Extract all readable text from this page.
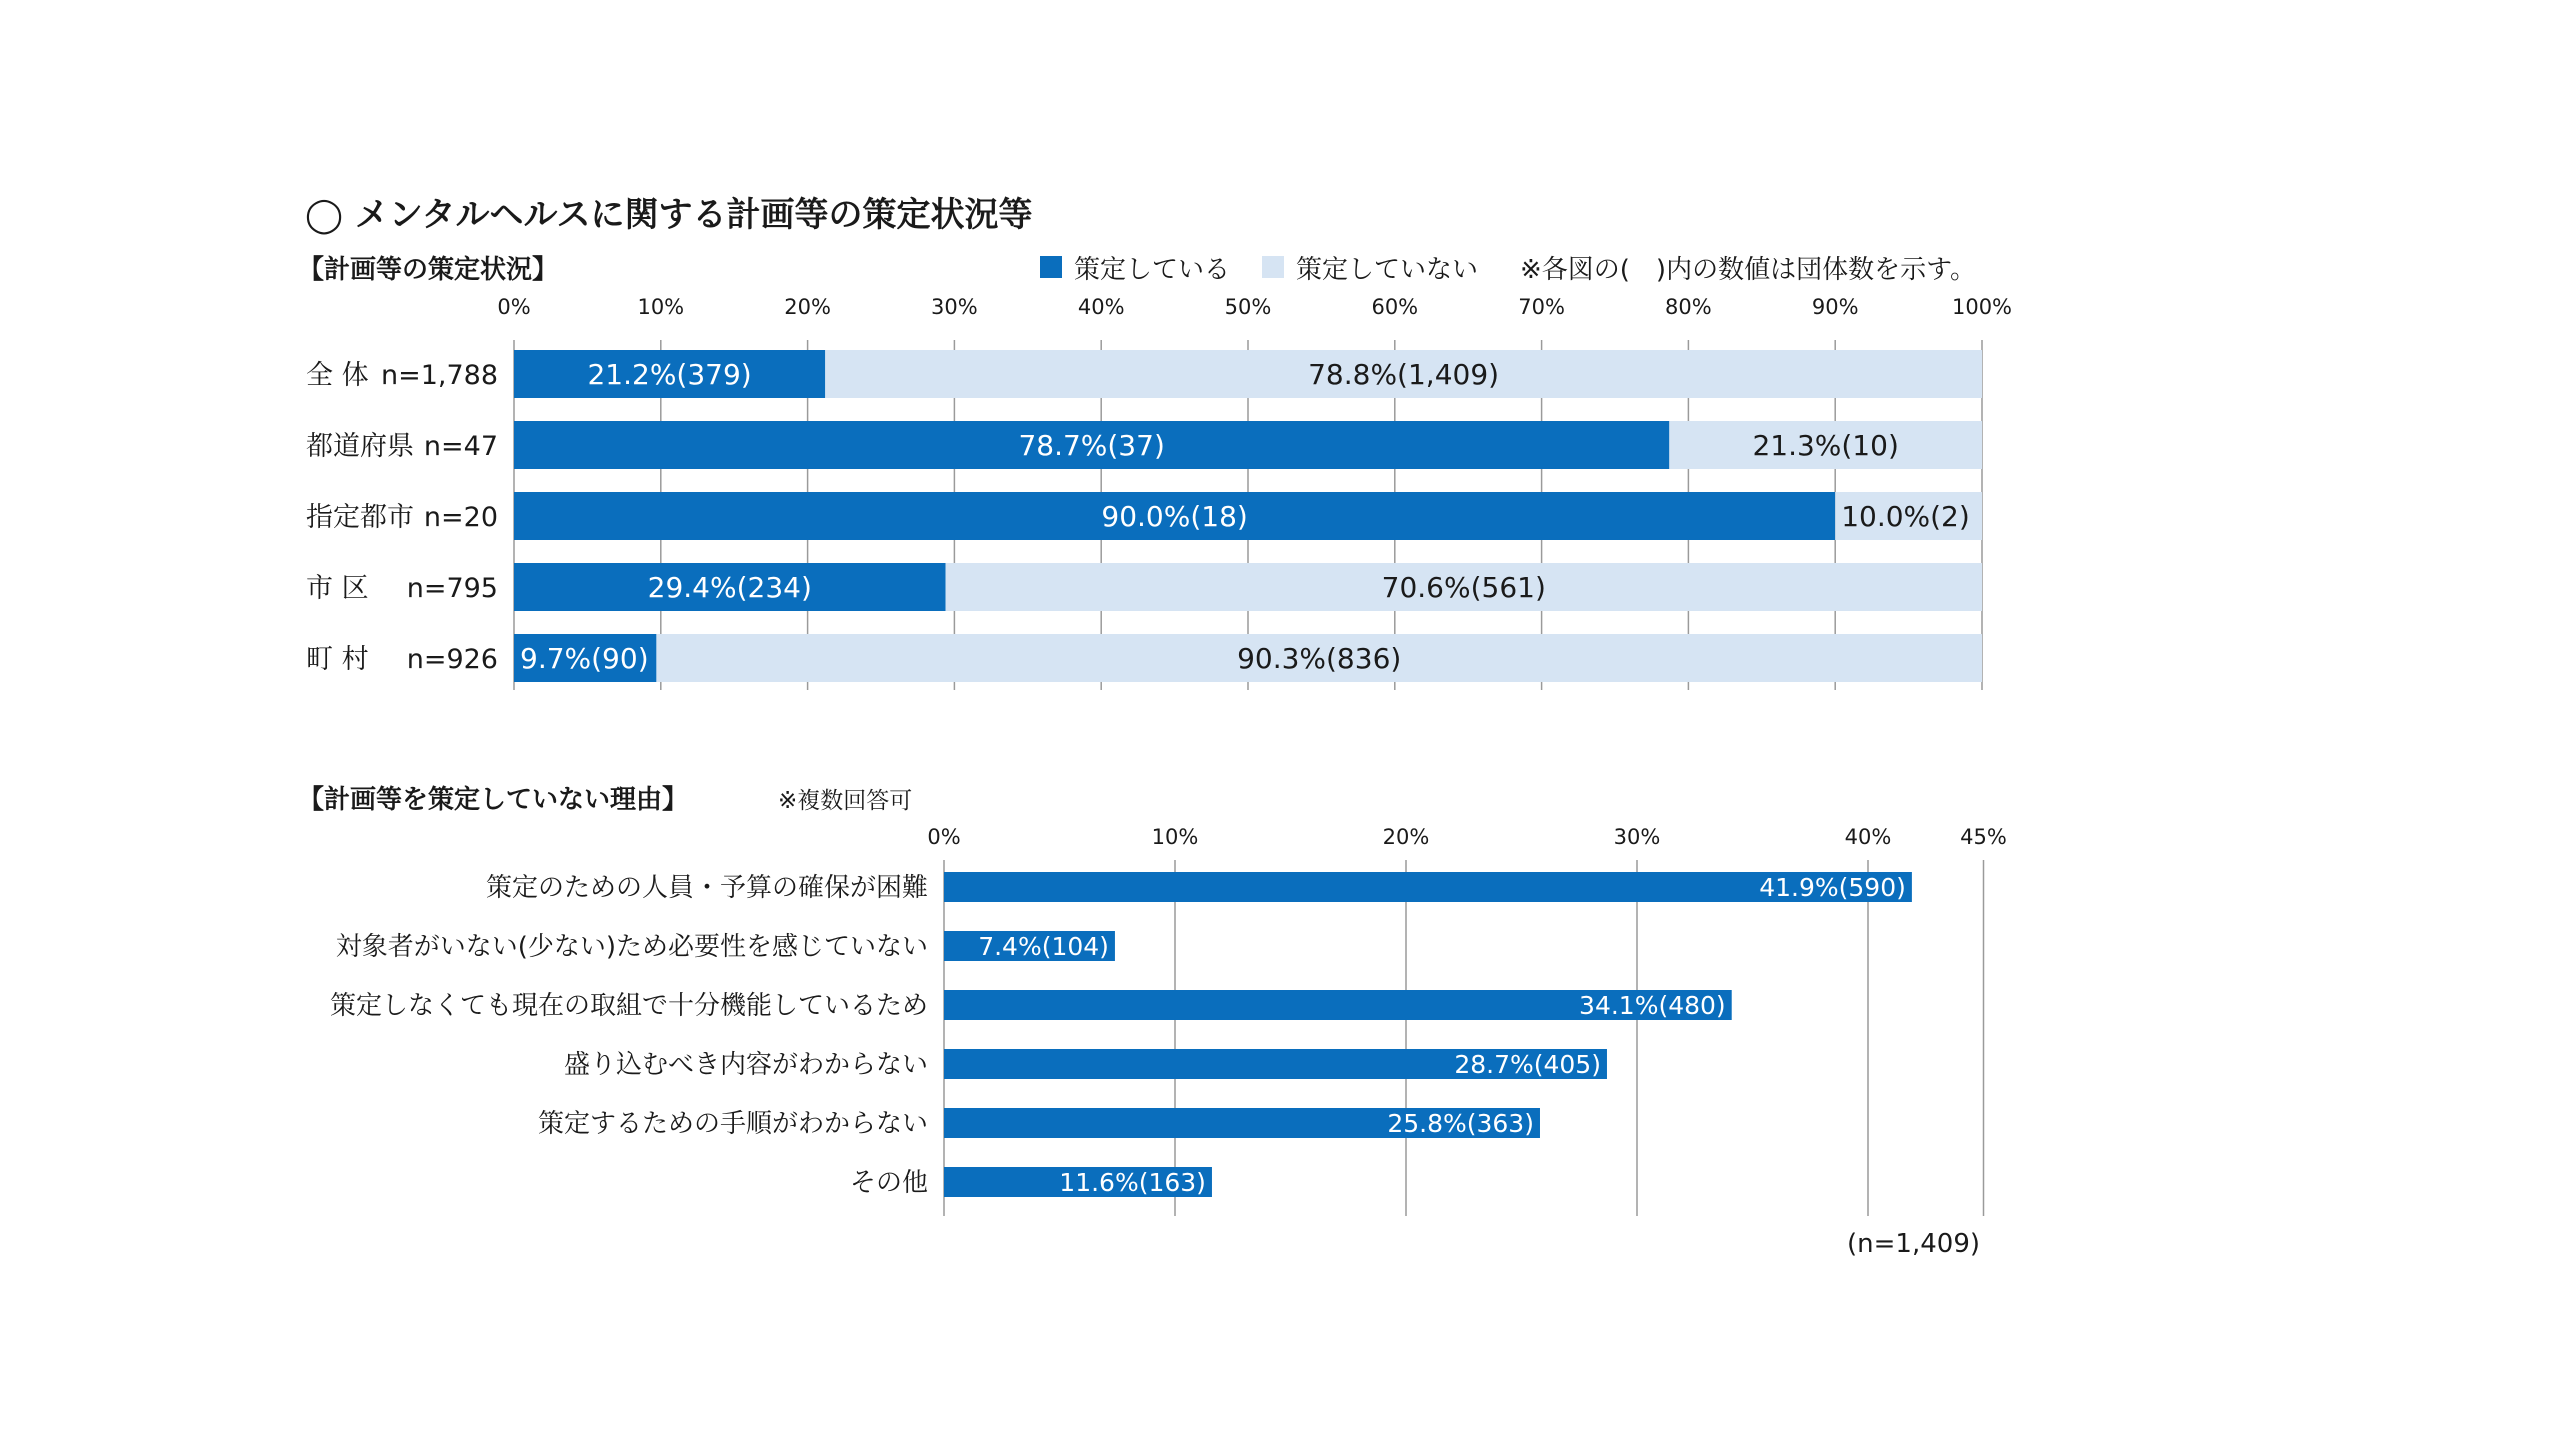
◯ メンタルヘルスに関する計画等の策定状況等
【計画等の策定状況】	策定している	策定していない ※各図の(　)内の数値は団体数を示す。
0%	10%	20%	30%	40%	50%	60%	70%	80%	90%	100%
全 体 n=1,788	21.2%(379)	78.8%(1,409)
都道府県 n=47	78.7%(37)	21.3%(10)
指定都市 n=20	90.0%(18)	10.0%(2)
市 区 n=795	29.4%(234)	70.6%(561)
町 村 n=926 9.7%(90)	90.3%(836)
【計画等を策定していない理由】	※複数回答可
0%	10%	20%	30%	40%	45%
策定のための人員・予算の確保が困難	41.9%(590)
対象者がいない(少ない)ため必要性を感じていない 7.4%(104)
策定しなくても現在の取組で十分機能しているため	34.1%(480)
盛り込むべき内容がわからない	28.7%(405)
策定するための手順がわからない	25.8%(363)
その他	11.6%(163)
(n=1,409)
